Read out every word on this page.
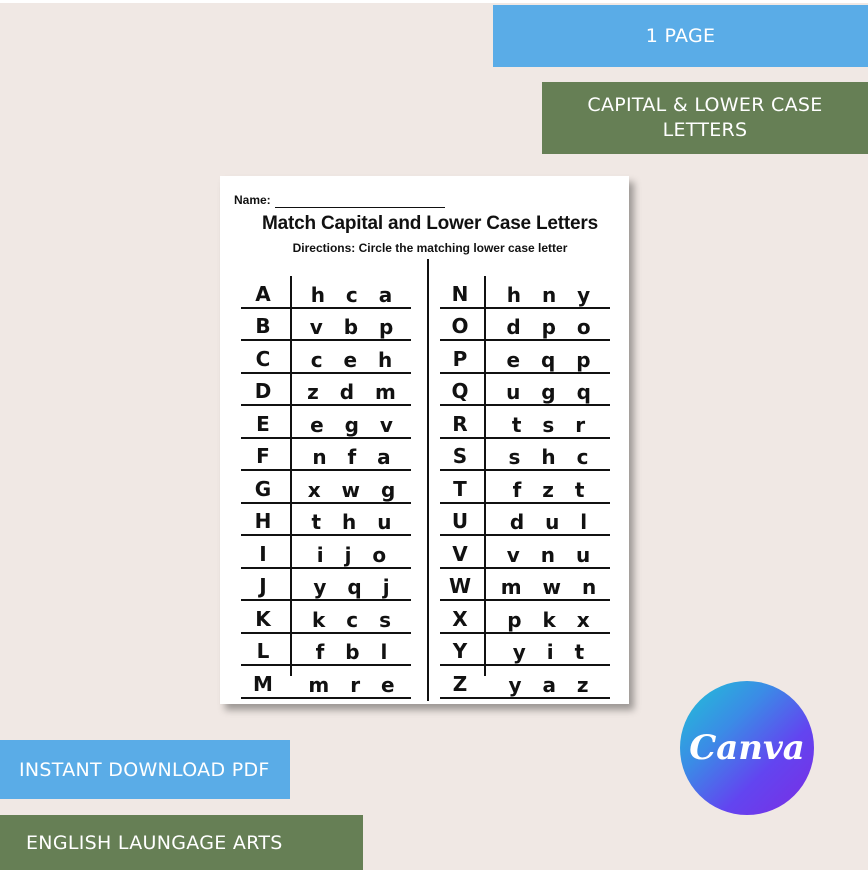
1 PAGE
CAPITAL & LOWER CASE LETTERS
Name:
Match Capital and Lower Case Letters
Directions: Circle the matching lower case letter
A	h c a
B	v b p
C	c e h
D	z d m
E	e g v
F	n f a
G	x w g
H	t h u
I	i j o
J	y q j
K	k c s
L	f b l
M	m r e
N	h n y
O	d p o
P	e q p
Q	u g q
R	t s r
S	s h c
T	f z t
U	d u l
V	v n u
W	m w n
X	p k x
Y	y i t
Z	y a z
INSTANT DOWNLOAD PDF
ENGLISH LAUNGAGE ARTS
Canva
